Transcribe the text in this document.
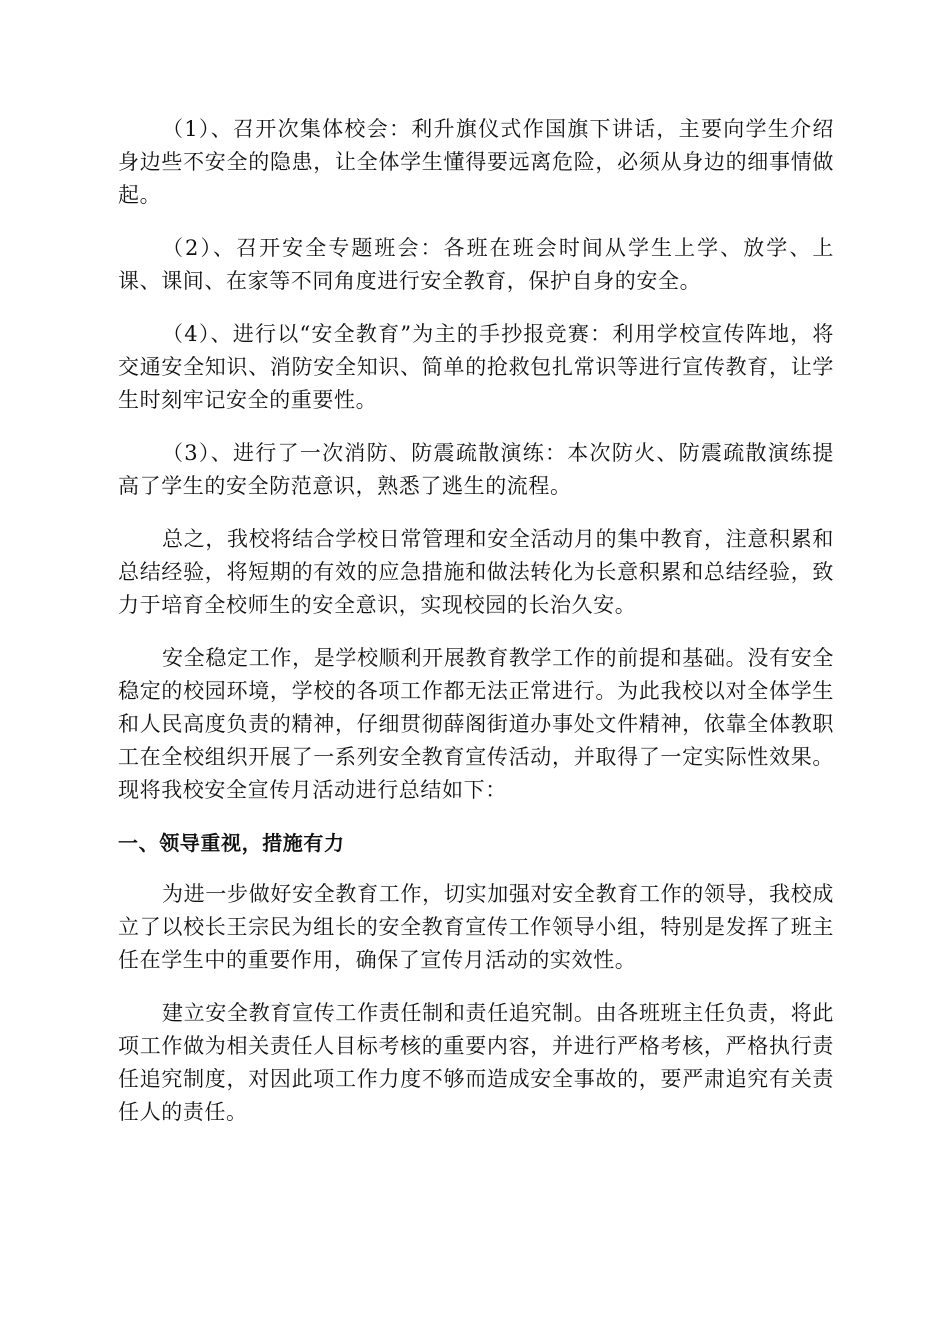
（1）、召开次集体校会：利升旗仪式作国旗下讲话，主要向学生介绍身边些不安全的隐患，让全体学生懂得要远离危险，必须从身边的细事情做起。

（2）、召开安全专题班会：各班在班会时间从学生上学、放学、上课、课间、在家等不同角度进行安全教育，保护自身的安全。

（4）、进行以“安全教育”为主的手抄报竞赛：利用学校宣传阵地，将交通安全知识、消防安全知识、简单的抢救包扎常识等进行宣传教育，让学生时刻牢记安全的重要性。

（3）、进行了一次消防、防震疏散演练：本次防火、防震疏散演练提高了学生的安全防范意识，熟悉了逃生的流程。

总之，我校将结合学校日常管理和安全活动月的集中教育，注意积累和总结经验，将短期的有效的应急措施和做法转化为长意积累和总结经验，致力于培育全校师生的安全意识，实现校园的长治久安。

安全稳定工作，是学校顺利开展教育教学工作的前提和基础。没有安全稳定的校园环境，学校的各项工作都无法正常进行。为此我校以对全体学生和人民高度负责的精神，仔细贯彻薛阁街道办事处文件精神，依靠全体教职工在全校组织开展了一系列安全教育宣传活动，并取得了一定实际性效果。现将我校安全宣传月活动进行总结如下：

一、领导重视，措施有力

为进一步做好安全教育工作，切实加强对安全教育工作的领导，我校成立了以校长王宗民为组长的安全教育宣传工作领导小组，特别是发挥了班主任在学生中的重要作用，确保了宣传月活动的实效性。

建立安全教育宣传工作责任制和责任追究制。由各班班主任负责，将此项工作做为相关责任人目标考核的重要内容，并进行严格考核，严格执行责任追究制度，对因此项工作力度不够而造成安全事故的，要严肃追究有关责任人的责任。
